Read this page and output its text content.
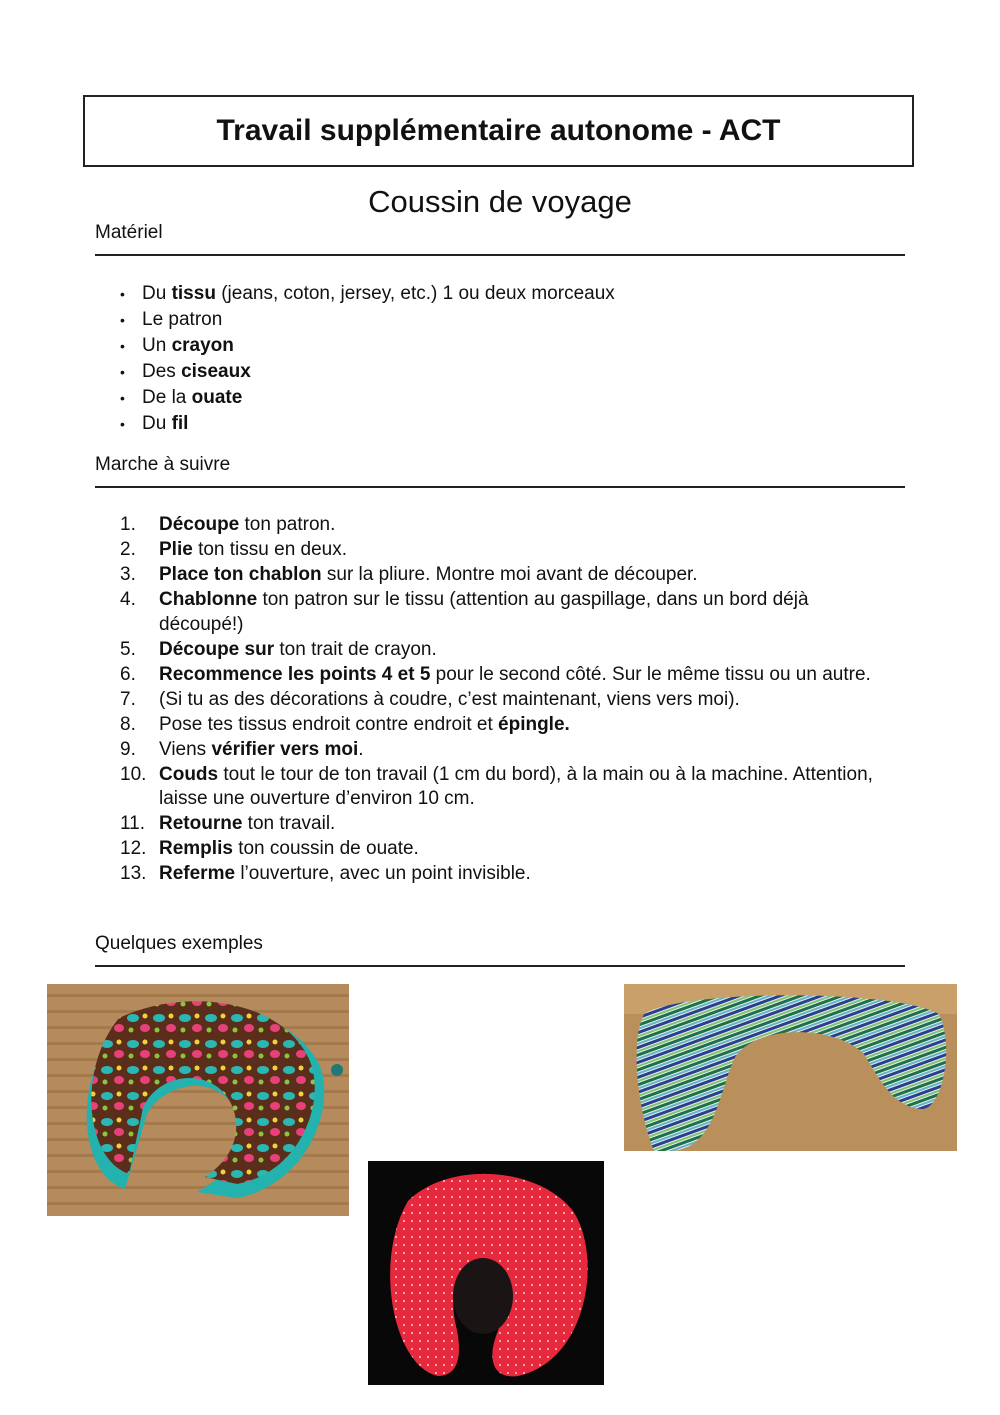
Travail supplémentaire autonome - ACT
Coussin de voyage
Matériel
• Du tissu (jeans, coton, jersey, etc.) 1 ou deux morceaux
• Le patron
• Un crayon
• Des ciseaux
• De la ouate
• Du fil
Marche à suivre
1.	Découpe ton patron.
2.	Plie ton tissu en deux.
3.	Place ton chablon sur la pliure. Montre moi avant de découper.
4.	Chablonne ton patron sur le tissu (attention au gaspillage, dans un bord déjà découpé!)
5.	Découpe sur ton trait de crayon.
6.	Recommence les points 4 et 5 pour le second côté. Sur le même tissu ou un autre.
7.	(Si tu as des décorations à coudre, c’est maintenant, viens vers moi).
8.	Pose tes tissus endroit contre endroit et épingle.
9.	Viens vérifier vers moi.
10. Couds tout le tour de ton travail (1 cm du bord), à la main ou à la machine. Attention, laisse une ouverture d’environ 10 cm.
11. Retourne ton travail.
12. Remplis ton coussin de ouate.
13. Referme l’ouverture, avec un point invisible.
Quelques exemples
